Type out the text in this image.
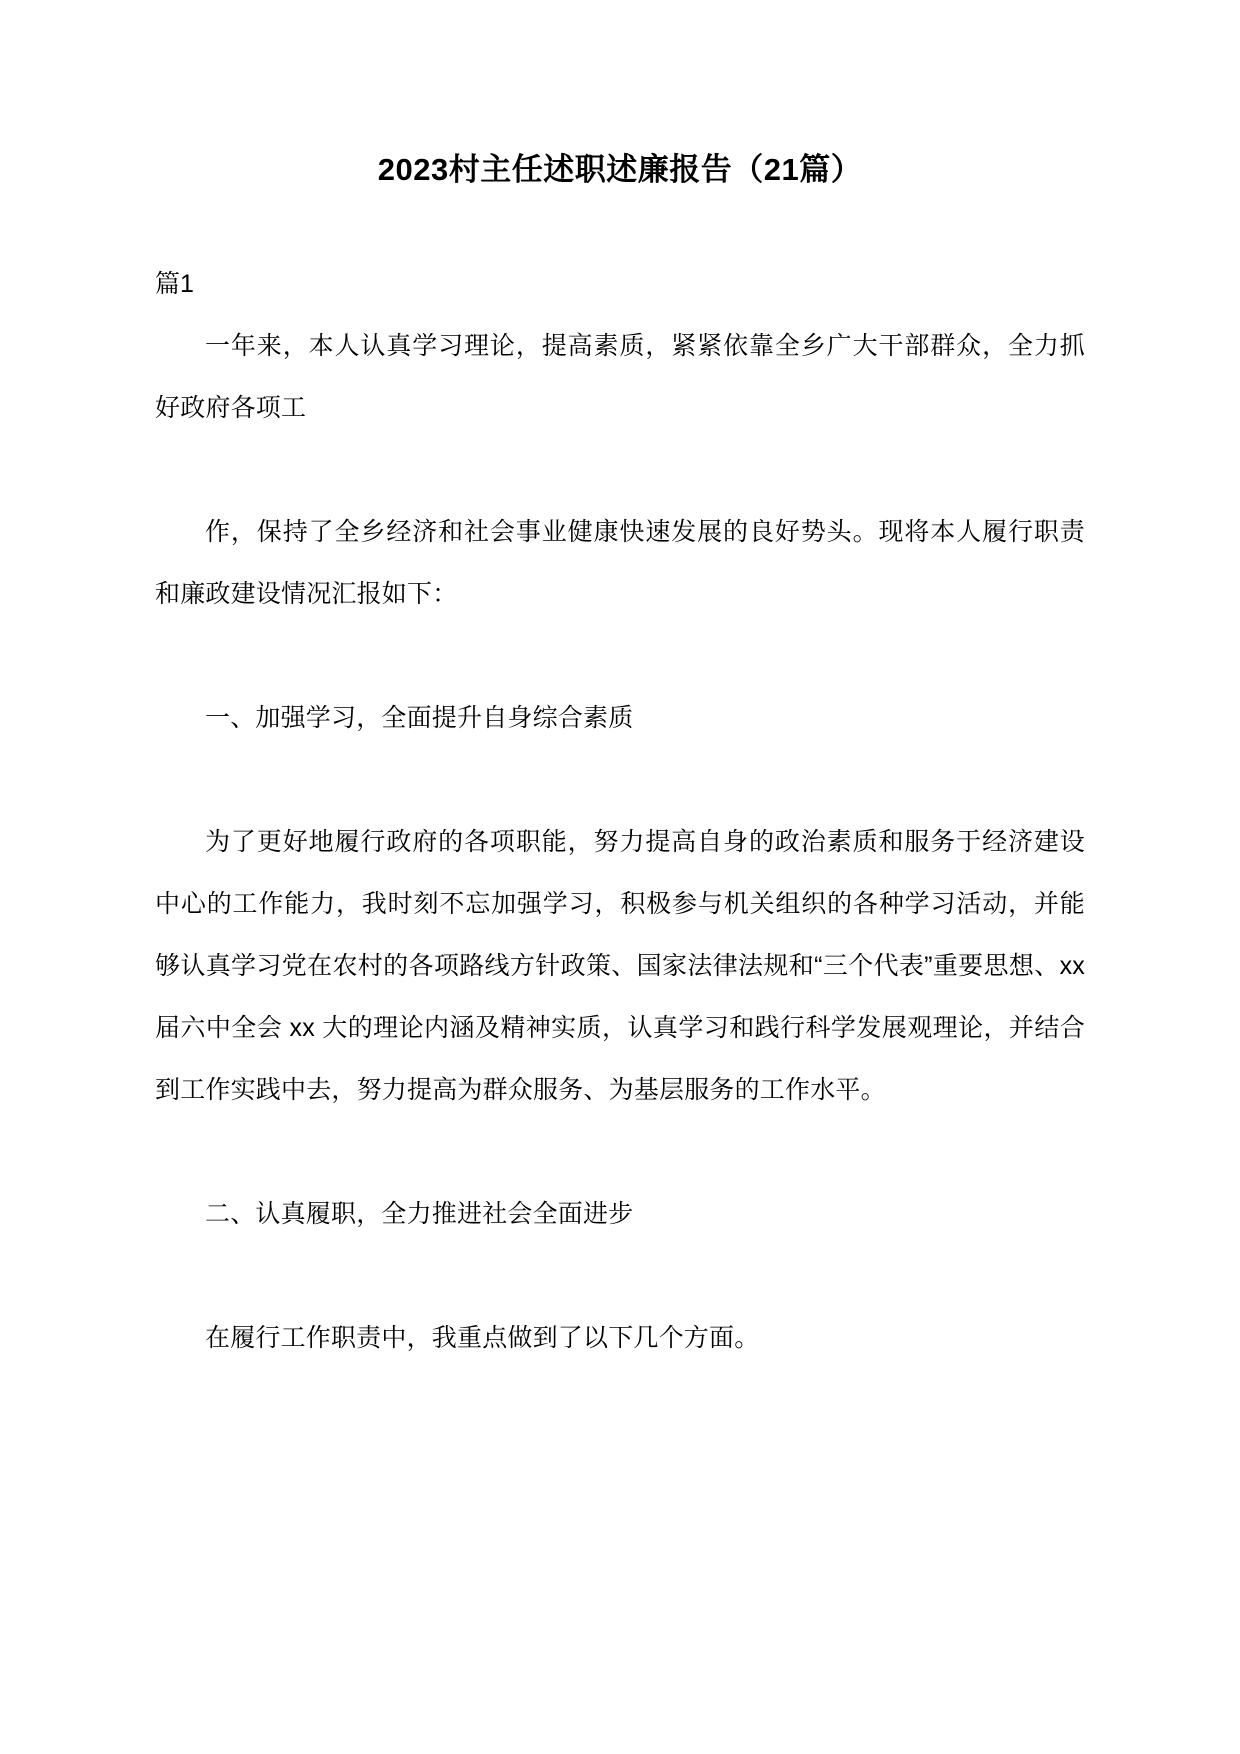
2023村主任述职述廉报告（21篇）
篇1

一年来，本人认真学习理论，提高素质，紧紧依靠全乡广大干部群众，全力抓好政府各项工

作，保持了全乡经济和社会事业健康快速发展的良好势头。现将本人履行职责和廉政建设情况汇报如下：

一、加强学习，全面提升自身综合素质

为了更好地履行政府的各项职能，努力提高自身的政治素质和服务于经济建设中心的工作能力，我时刻不忘加强学习，积极参与机关组织的各种学习活动，并能够认真学习党在农村的各项路线方针政策、国家法律法规和“三个代表”重要思想、xx 届六中全会 xx 大的理论内涵及精神实质，认真学习和践行科学发展观理论，并结合到工作实践中去，努力提高为群众服务、为基层服务的工作水平。

二、认真履职，全力推进社会全面进步

在履行工作职责中，我重点做到了以下几个方面。
